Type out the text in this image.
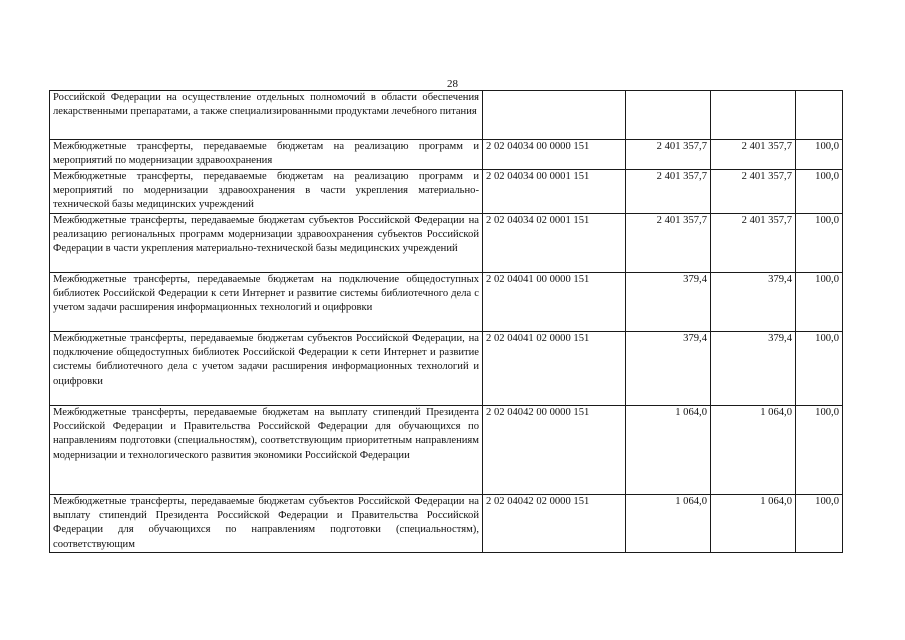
28
Российской Федерации на осуществление отдельных полномочий в области обеспечения лекарственными препаратами, а также специализированными продуктами лечебного питания				
Межбюджетные трансферты, передаваемые бюджетам на реализацию программ и мероприятий по модернизации здравоохранения	2 02 04034 00 0000 151	2 401 357,7	2 401 357,7	100,0
Межбюджетные трансферты, передаваемые бюджетам на реализацию программ и мероприятий по модернизации здравоохранения в части укрепления материально-технической базы медицинских учреждений	2 02 04034 00 0001 151	2 401 357,7	2 401 357,7	100,0
Межбюджетные трансферты, передаваемые бюджетам субъектов Российской Федерации на реализацию региональных программ модернизации здравоохранения субъектов Российской Федерации в части укрепления материально-технической базы медицинских учреждений	2 02 04034 02 0001 151	2 401 357,7	2 401 357,7	100,0
Межбюджетные трансферты, передаваемые бюджетам на подключение общедоступных библиотек Российской Федерации к сети Интернет и развитие системы библиотечного дела с учетом задачи расширения информационных технологий и оцифровки	2 02 04041 00 0000 151	379,4	379,4	100,0
Межбюджетные трансферты, передаваемые бюджетам субъектов Российской Федерации, на подключение общедоступных библиотек Российской Федерации к сети Интернет и развитие системы библиотечного дела с учетом задачи расширения информационных технологий и оцифровки	2 02 04041 02 0000 151	379,4	379,4	100,0
Межбюджетные трансферты, передаваемые бюджетам на выплату стипендий Президента Российской Федерации и Правительства Российской Федерации для обучающихся по направлениям подготовки (специальностям), соответствующим приоритетным направлениям модернизации и технологического развития экономики Российской Федерации	2 02 04042 00 0000 151	1 064,0	1 064,0	100,0
Межбюджетные трансферты, передаваемые бюджетам субъектов Российской Федерации на выплату стипендий Президента Российской Федерации и Правительства Российской Федерации для обучающихся по направлениям подготовки (специальностям), соответствующим	2 02 04042 02 0000 151	1 064,0	1 064,0	100,0
